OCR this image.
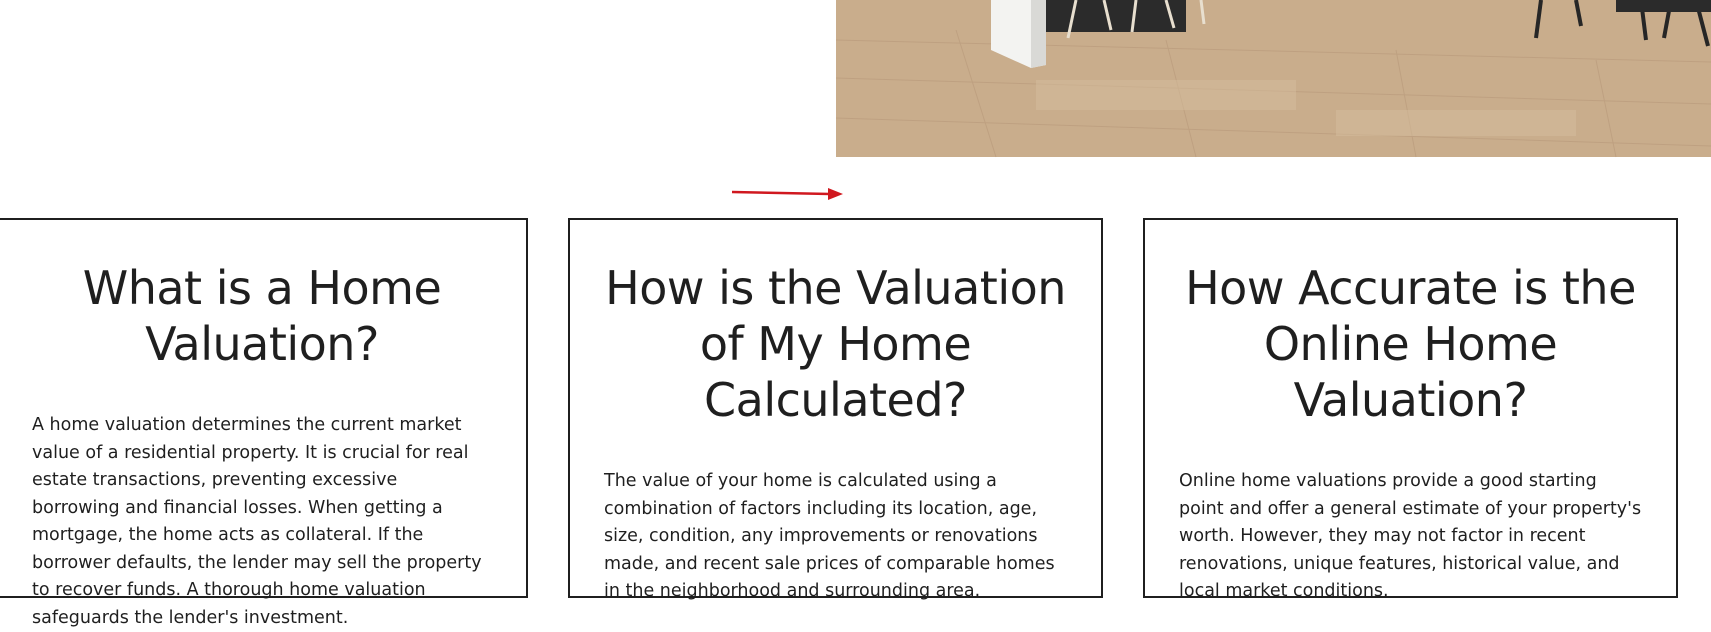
What is a Home Valuation?
A home valuation determines the current market value of a residential property. It is crucial for real estate transactions, preventing excessive borrowing and financial losses. When getting a mortgage, the home acts as collateral. If the borrower defaults, the lender may sell the property to recover funds. A thorough home valuation safeguards the lender's investment.
How is the Valuation of My Home Calculated?
The value of your home is calculated using a combination of factors including its location, age, size, condition, any improvements or renovations made, and recent sale prices of comparable homes in the neighborhood and surrounding area.
How Accurate is the Online Home Valuation?
Online home valuations provide a good starting point and offer a general estimate of your property's worth. However, they may not factor in recent renovations, unique features, historical value, and local market conditions.
